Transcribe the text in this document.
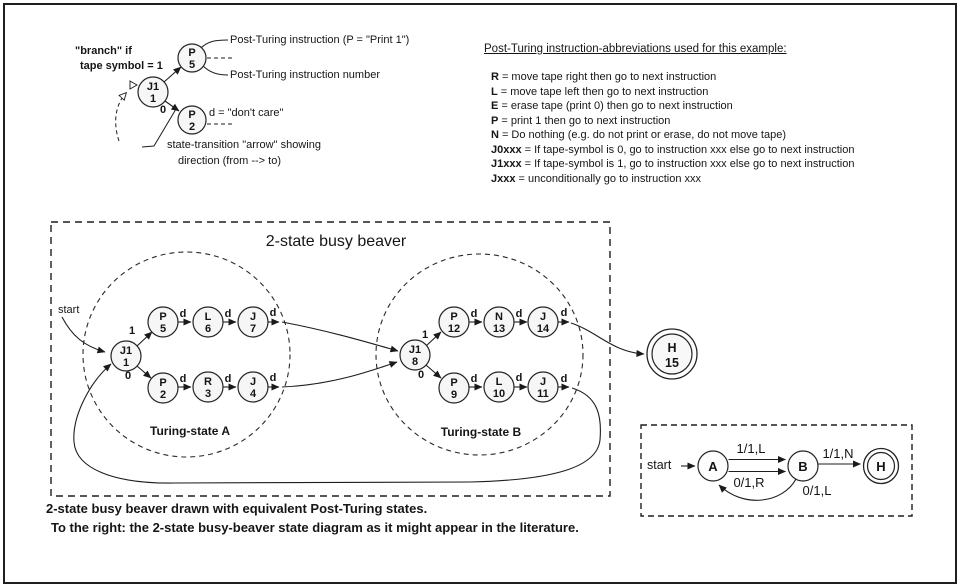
P
5
J1
1
P
2
0
J1
1
P
5
L
6
J
7
P
2
R
3
J
4
J1
8
P
12
N
13
J
14
P
9
L
10
J
11
H
15
1
0
d	d	d
d	d	d
1
0
d	d	d
d	d	d
A	B	H
1/1,L
0/1,R
1/1,N
0/1,L
"branch" if
tape symbol = 1
Post-Turing instruction (P = "Print 1")
Post-Turing instruction number
d = "don't care"
state-transition "arrow" showing
direction (from --> to)
Post-Turing instruction-abbreviations used for this example:
R = move tape right then go to next instruction
L = move tape left then go to next instruction
E = erase tape (print 0) then go to next instruction
P = print 1 then go to next instruction
N = Do nothing (e.g. do not print or erase, do not move tape)
J0xxx = If tape-symbol is 0, go to instruction xxx else go to next instruction
J1xxx = If tape-symbol is 1, go to instruction xxx else go to next instruction
Jxxx = unconditionally go to instruction xxx
2-state busy beaver
start
Turing-state A	Turing-state B
start
2-state busy beaver drawn with equivalent Post-Turing states.
To the right: the 2-state busy-beaver state diagram as it might appear in the literature.
